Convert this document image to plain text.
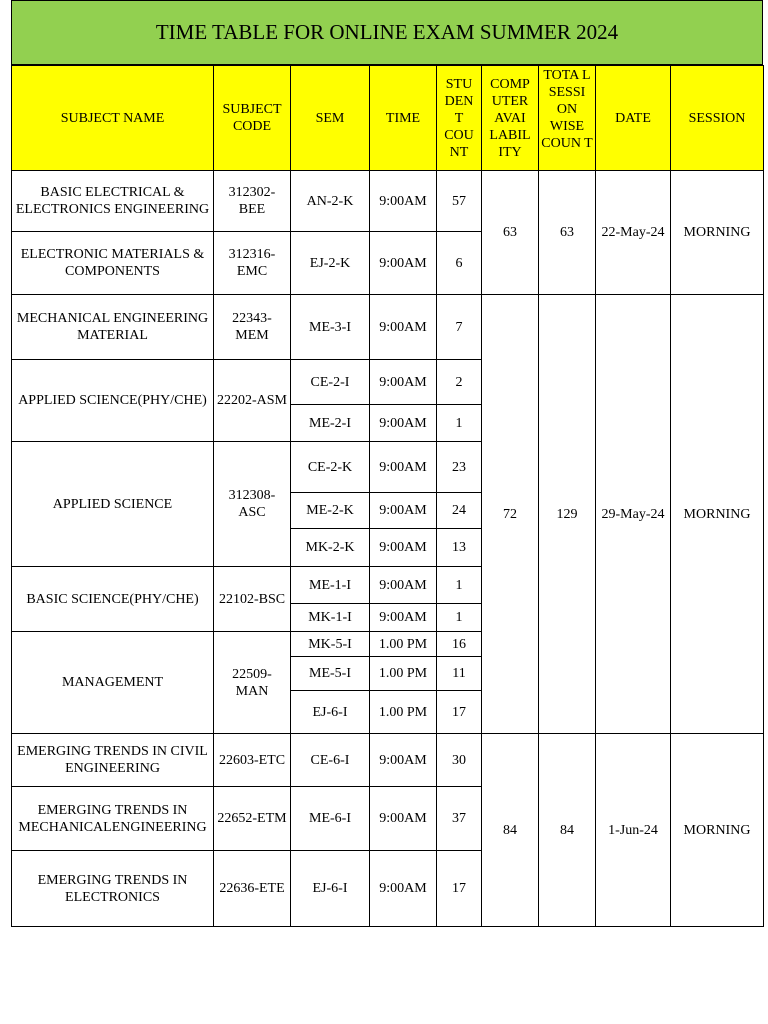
TIME TABLE FOR ONLINE EXAM SUMMER 2024
SUBJECT NAME	SUBJECT CODE	SEM	TIME	STU DEN T COU NT	COMP UTER AVAI LABIL ITY	TOTA L SESSI ON WISE COUN T	DATE	SESSION
BASIC ELECTRICAL & ELECTRONICS ENGINEERING	312302-BEE	AN-2-K	9:00AM	57	63	63	22-May-24	MORNING
ELECTRONIC MATERIALS & COMPONENTS	312316-EMC	EJ-2-K	9:00AM	6				
MECHANICAL ENGINEERING MATERIAL	22343-MEM	ME-3-I	9:00AM	7	72	129	29-May-24	MORNING
APPLIED SCIENCE(PHY/CHE)	22202-ASM	CE-2-I	9:00AM	2				
		ME-2-I	9:00AM	1				
APPLIED SCIENCE	312308-ASC	CE-2-K	9:00AM	23				
		ME-2-K	9:00AM	24				
		MK-2-K	9:00AM	13				
BASIC SCIENCE(PHY/CHE)	22102-BSC	ME-1-I	9:00AM	1				
		MK-1-I	9:00AM	1				
MANAGEMENT	22509-MAN	MK-5-I	1.00 PM	16				
		ME-5-I	1.00 PM	11				
		EJ-6-I	1.00 PM	17				
EMERGING TRENDS IN CIVIL ENGINEERING	22603-ETC	CE-6-I	9:00AM	30	84	84	1-Jun-24	MORNING
EMERGING TRENDS IN MECHANICALENGINEERING	22652-ETM	ME-6-I	9:00AM	37				
EMERGING TRENDS IN ELECTRONICS	22636-ETE	EJ-6-I	9:00AM	17				
